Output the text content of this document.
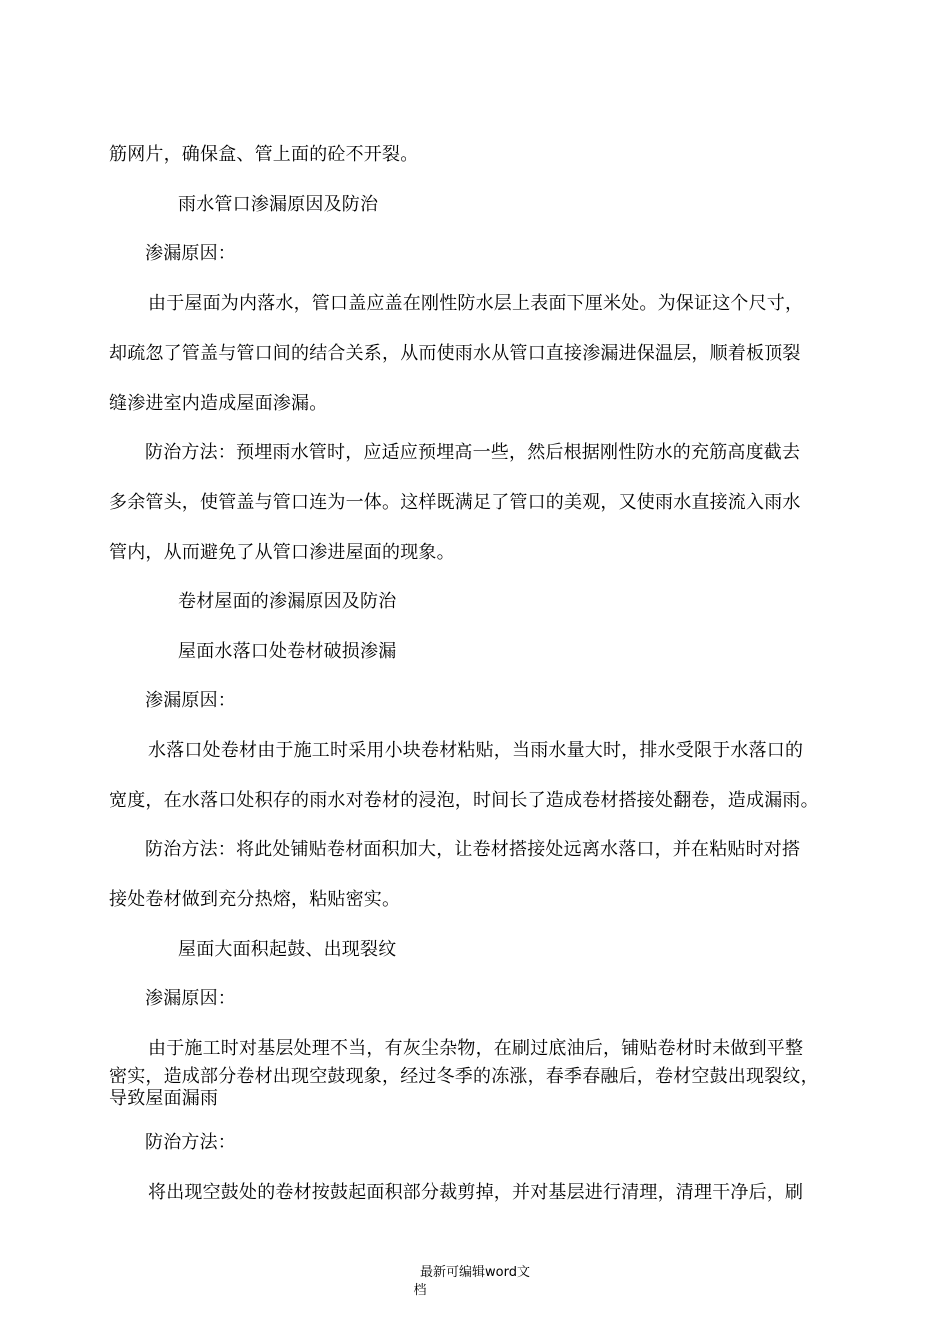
筋网片，确保盒、管上面的砼不开裂。
雨水管口渗漏原因及防治
渗漏原因：
由于屋面为内落水，管口盖应盖在刚性防水层上表面下厘米处。为保证这个尺寸，
却疏忽了管盖与管口间的结合关系，从而使雨水从管口直接渗漏进保温层，顺着板顶裂
缝渗进室内造成屋面渗漏。
防治方法：预埋雨水管时，应适应预埋高一些，然后根据刚性防水的充筋高度截去
多余管头，使管盖与管口连为一体。这样既满足了管口的美观，又使雨水直接流入雨水
管内，从而避免了从管口渗进屋面的现象。
卷材屋面的渗漏原因及防治
屋面水落口处卷材破损渗漏
渗漏原因：
水落口处卷材由于施工时采用小块卷材粘贴，当雨水量大时，排水受限于水落口的
宽度，在水落口处积存的雨水对卷材的浸泡，时间长了造成卷材搭接处翻卷，造成漏雨。
防治方法：将此处铺贴卷材面积加大，让卷材搭接处远离水落口，并在粘贴时对搭
接处卷材做到充分热熔，粘贴密实。
屋面大面积起鼓、出现裂纹
渗漏原因：
由于施工时对基层处理不当，有灰尘杂物，在刷过底油后，铺贴卷材时未做到平整
密实，造成部分卷材出现空鼓现象，经过冬季的冻涨，春季春融后，卷材空鼓出现裂纹，
导致屋面漏雨
防治方法：
将出现空鼓处的卷材按鼓起面积部分裁剪掉，并对基层进行清理，清理干净后，刷
最新可编辑word文
档
